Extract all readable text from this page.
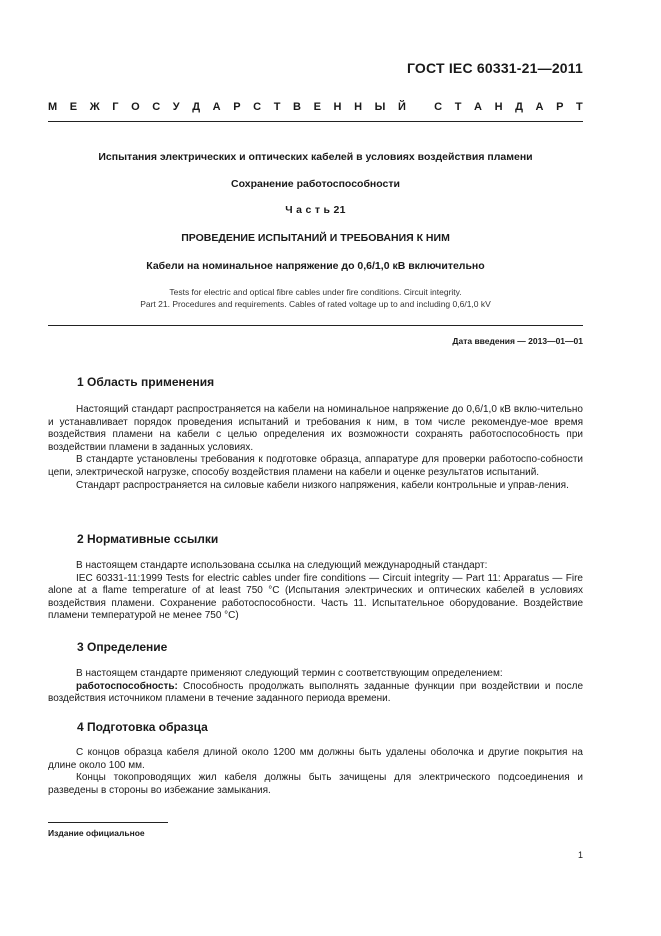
ГОСТ IEC 60331-21—2011
М Е Ж Г О С У Д А Р С Т В Е Н Н Ы Й
	С Т А Н Д А Р Т
Испытания электрических и оптических кабелей в условиях воздействия пламени
Сохранение работоспособности
Ч а с т ь 21
ПРОВЕДЕНИЕ ИСПЫТАНИЙ И ТРЕБОВАНИЯ К НИМ
Кабели на номинальное напряжение до 0,6/1,0 кВ включительно
Tests for electric and optical fibre cables under fire conditions. Circuit integrity.
Part 21. Procedures and requirements. Cables of rated voltage up to and including 0,6/1,0 kV
Дата введения — 2013—01—01
1 Область применения

Настоящий стандарт распространяется на кабели на номинальное напряжение до 0,6/1,0 кВ вклю-чительно и устанавливает порядок проведения испытаний и требования к ним, в том числе рекомендуе-мое время воздействия пламени на кабели с целью определения их возможности сохранять работоспособность при воздействии пламени в заданных условиях.

В стандарте установлены требования к подготовке образца, аппаратуре для проверки работоспо-собности цепи, электрической нагрузке, способу воздействия пламени на кабели и оценке результатов испытаний.

Стандарт распространяется на силовые кабели низкого напряжения, кабели контрольные и управ-ления.

2 Нормативные ссылки

В настоящем стандарте использована ссылка на следующий международный стандарт:

IEC 60331-11:1999 Tests for electric cables under fire conditions — Circuit integrity — Part 11: Apparatus — Fire alone at a flame temperature of at least 750 °C (Испытания электрических и оптических кабелей в условиях воздействия пламени. Сохранение работоспособности. Часть 11. Испытательное оборудование. Воздействие пламени температурой не менее 750 °С)

3 Определение

В настоящем стандарте применяют следующий термин с соответствующим определением:

работоспособность: Способность продолжать выполнять заданные функции при воздействии и после воздействия источником пламени в течение заданного периода времени.

4 Подготовка образца

С концов образца кабеля длиной около 1200 мм должны быть удалены оболочка и другие покрытия на длине около 100 мм.

Концы токопроводящих жил кабеля должны быть зачищены для электрического подсоединения и разведены в стороны во избежание замыкания.

Издание официальное
1
